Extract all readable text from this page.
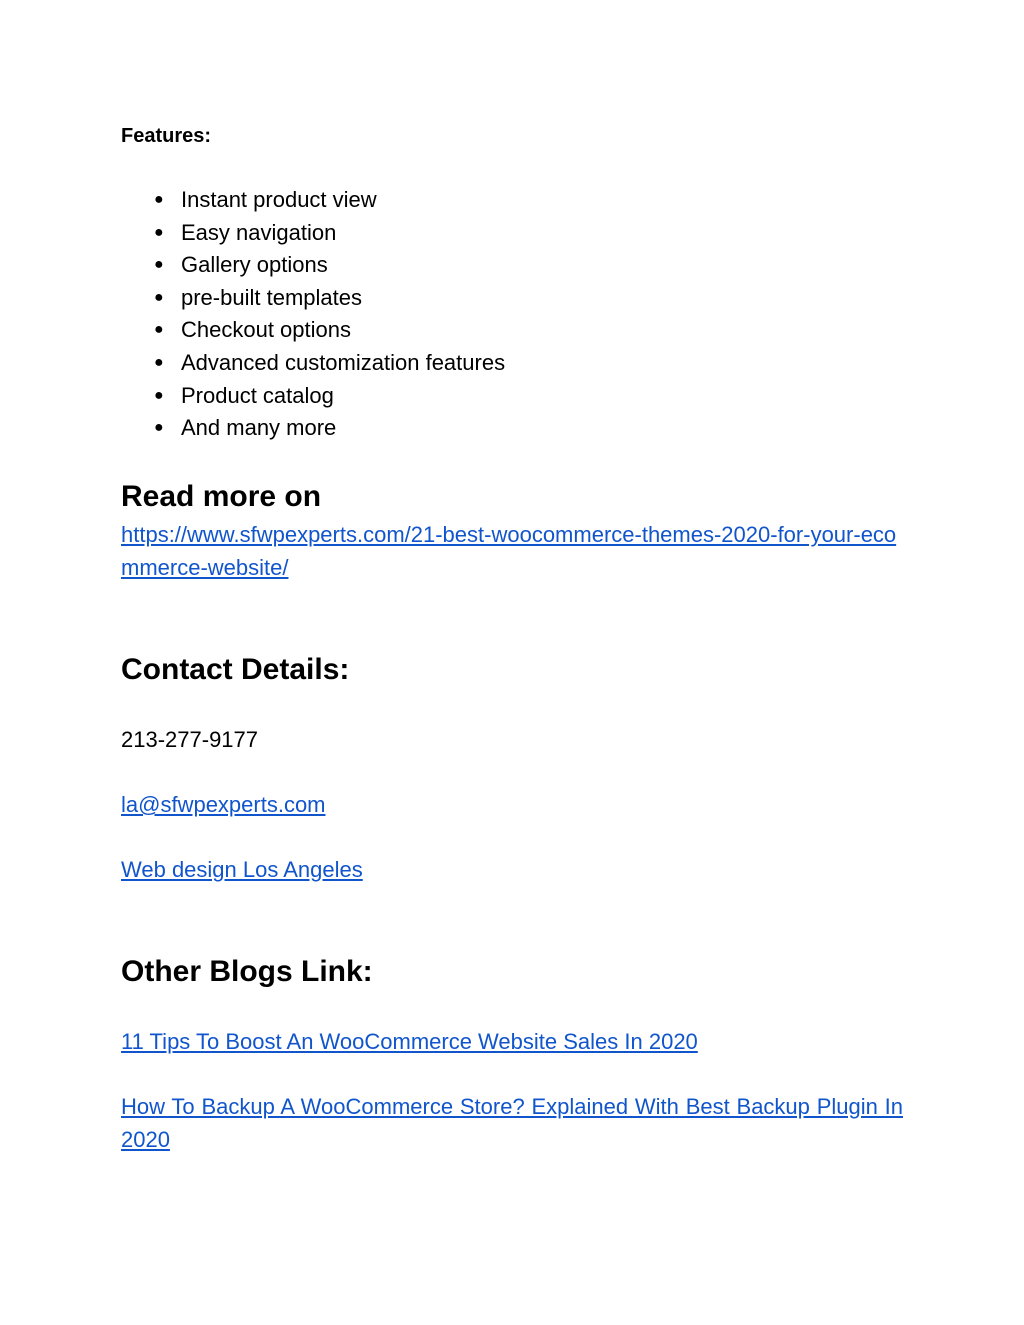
Features:

● Instant product view
● Easy navigation
● Gallery options
● pre-built templates
● Checkout options
● Advanced customization features
● Product catalog
● And many more
Read more on
https://www.sfwpexperts.com/21-best-woocommerce-themes-2020-for-your-ecommerce-website/
Contact Details:
213-277-9177
la@sfwpexperts.com
Web design Los Angeles
Other Blogs Link:
11 Tips To Boost An WooCommerce Website Sales In 2020
How To Backup A WooCommerce Store? Explained With Best Backup Plugin In 2020
